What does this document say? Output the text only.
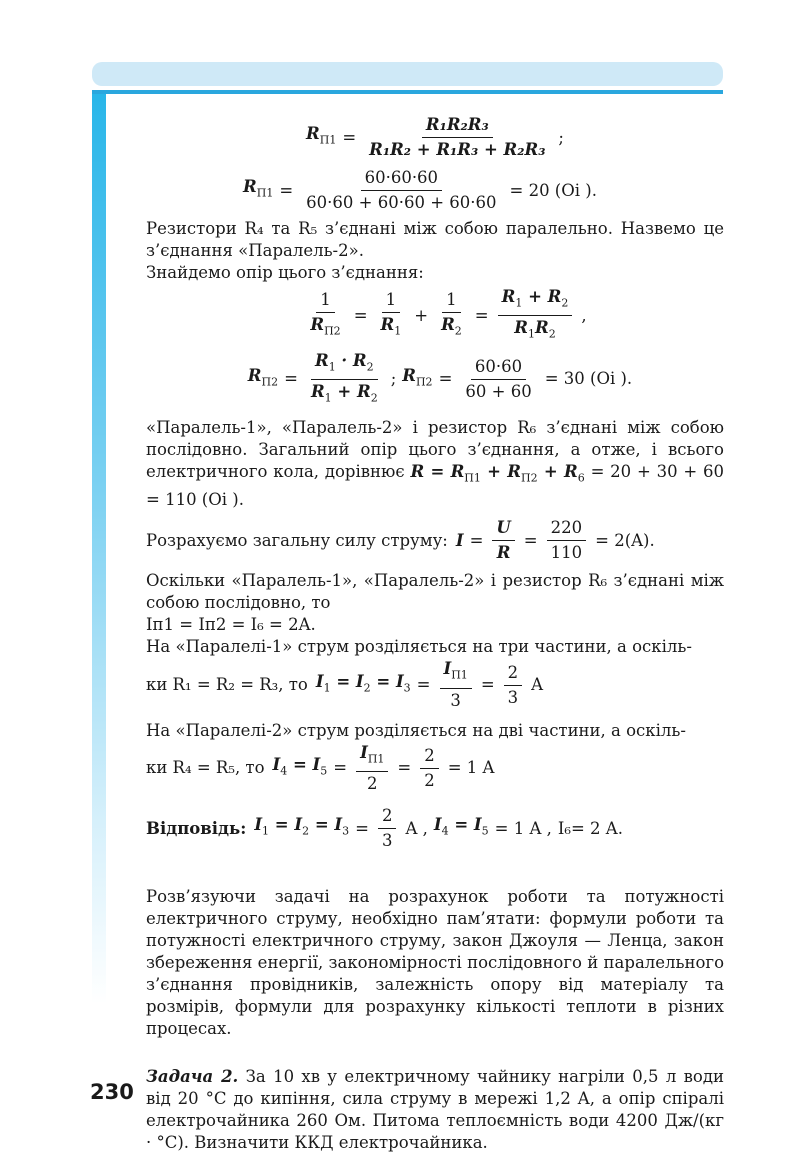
$R_{П1} = \frac{\text{R₁R₂R₃}}{\text{R₁R₂ + R₁R₃ + R₂R₃}}$ ;
$R_{П1} = \frac{60\cdot 60\cdot 60}{60\cdot 60 + 60\cdot 60 + 60\cdot 60} = 20$ (Oi ).

Резистори R₄ та R₅ з’єднані між собою паралельно. Назвемо це з’єднання «Паралель-2».

Знайдемо опір цього з’єднання:

$\frac{1}{R_{П2}} = \frac{1}{R_1} + \frac{1}{R_2} = \frac{R_1 + R_2}{R_1R_2}$ ,
$R_{П2} = \frac{R_1 \cdot R_2}{R_1 + R_2}$ ; $R_{П2} = \frac{60\cdot 60}{60 + 60} = 30$ (Oi ).

«Паралель-1», «Паралель-2» і резистор R₆ з’єднані між собою послідовно. Загальний опір цього з’єднання, а отже, і всього електричного кола, дорівнює $R = R_{П1} + R_{П2} + R_6 = 20 + 30 + 60 = 110$ (Oi ).

Розрахуємо загальну силу струму: $I = \frac{U}{R} = \frac{220}{110} = 2(A)$.

Оскільки «Паралель-1», «Паралель-2» і резистор R₆ з’єднані між собою послідовно, то

Iп1 = Iп2 = I₆ = 2A.

На «Паралелі-1» струм розділяється на три частини, а оскіль-

ки R₁ = R₂ = R₃, то $I_1 = I_2 = I_3 = \frac{I_{П1}}{3} = \frac{2}{3}$ A

На «Паралелі-2» струм розділяється на дві частини, а оскіль-

ки R₄ = R₅, то $I_4 = I_5 = \frac{I_{П1}}{2} = \frac{2}{2} = 1$ A
Відповідь: $I_1 = I_2 = I_3 = \frac{2}{3}$ A , $I_4 = I_5 = 1$ A , I₆= 2 A.

Розв’язуючи задачі на розрахунок роботи та потужності електричного струму, необхідно пам’ятати: формули роботи та потужності електричного струму, закон Джоуля — Ленца, закон збереження енергії, закономірності послідовного й паралельного з’єднання провідників, залежність опору від матеріалу та розмірів, формули для розрахунку кількості теплоти в різних процесах.

Задача 2. За 10 хв у електричному чайнику нагріли 0,5 л води від 20 °C до кипіння, сила струму в мережі 1,2 A, а опір спіралі електрочайника 260 Ом. Питома теплоємність води 4200 Дж/(кг · °C). Визначити ККД електрочайника.

230
